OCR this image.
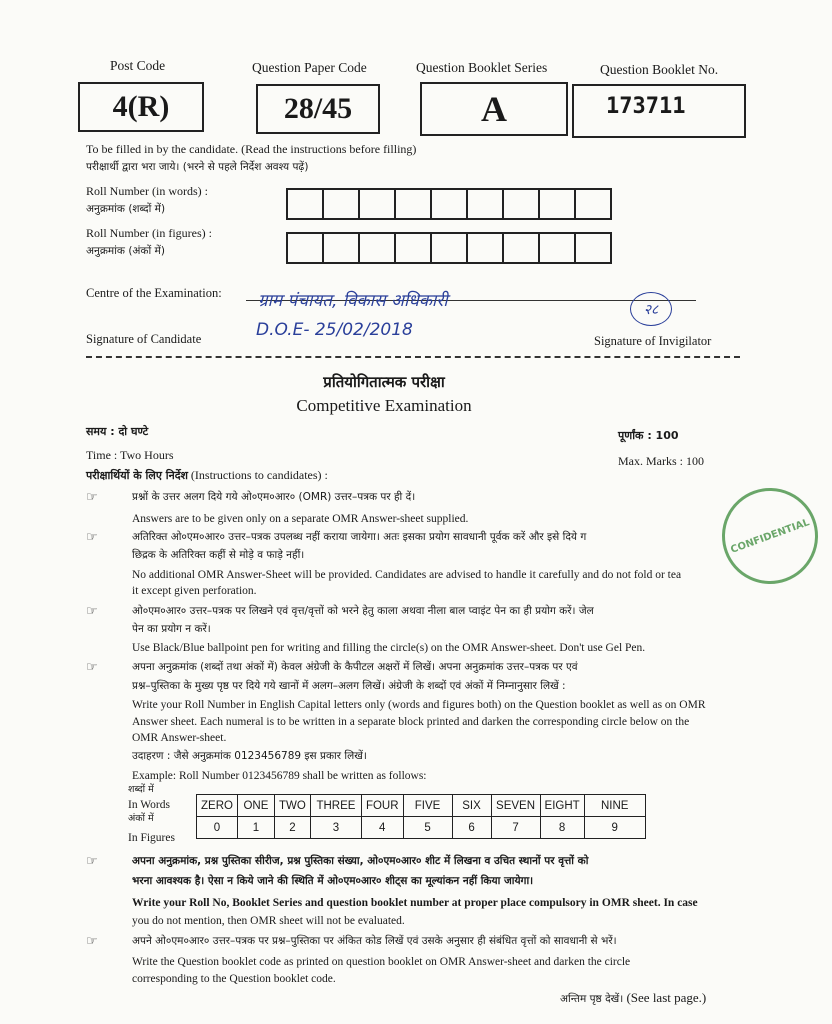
Post Code	Question Paper Code	Question Booklet Series	Question Booklet No.
4(R)	28/45	A	173711
To be filled in by the candidate. (Read the instructions before filling)
परीक्षार्थी द्वारा भरा जाये। (भरने से पहले निर्देश अवश्य पढ़ें)
Roll Number (in words) :
अनुक्रमांक (शब्दों में)
Roll Number (in figures) :
अनुक्रमांक (अंकों में)
Centre of the Examination: ग्राम पंचायत, विकास अधिकारी	२८
D.O.E- 25/02/2018
Signature of Candidate	Signature of Invigilator
प्रतियोगितात्मक परीक्षा
Competitive Examination
समय : दो घण्टे	पूर्णांक : 100
Time : Two Hours	Max. Marks : 100
परीक्षार्थियों के लिए निर्देश (Instructions to candidates) :
☞	प्रश्नों के उत्तर अलग दिये गये ओ०एम०आर० (OMR) उत्तर–पत्रक पर ही दें।
Answers are to be given only on a separate OMR Answer-sheet supplied.
☞	अतिरिक्त ओ०एम०आर० उत्तर–पत्रक उपलब्ध नहीं कराया जायेगा। अतः इसका प्रयोग सावधानी पूर्वक करें और इसे दिये ग
छिद्रक के अतिरिक्त कहीं से मोड़े व फाड़े नहीं।
No additional OMR Answer-Sheet will be provided. Candidates are advised to handle it carefully and do not fold or tea
it except given perforation.
☞	ओ०एम०आर० उत्तर–पत्रक पर लिखने एवं वृत्त/वृत्तों को भरने हेतु काला अथवा नीला बाल प्वाइंट पेन का ही प्रयोग करें। जेल
पेन का प्रयोग न करें।
Use Black/Blue ballpoint pen for writing and filling the circle(s) on the OMR Answer-sheet. Don't use Gel Pen.
☞	अपना अनुक्रमांक (शब्दों तथा अंकों में) केवल अंग्रेजी के कैपीटल अक्षरों में लिखें। अपना अनुक्रमांक उत्तर–पत्रक पर एवं
प्रश्न–पुस्तिका के मुख्य पृष्ठ पर दिये गये खानों में अलग–अलग लिखें। अंग्रेजी के शब्दों एवं अंकों में निम्नानुसार लिखें :
Write your Roll Number in English Capital letters only (words and figures both) on the Question booklet as well as on OMR
Answer sheet. Each numeral is to be written in a separate block printed and darken the corresponding circle below on the
OMR Answer-sheet.
उदाहरण : जैसे अनुक्रमांक 0123456789 इस प्रकार लिखें।
Example: Roll Number 0123456789 shall be written as follows:
शब्दों में
In Words
अंकों में
In Figures
ZERO	ONE	TWO	THREE	FOUR	FIVE	SIX	SEVEN	EIGHT	NINE
0	1	2	3	4	5	6	7	8	9
☞	अपना अनुक्रमांक, प्रश्न पुस्तिका सीरीज, प्रश्न पुस्तिका संख्या, ओ०एम०आर० शीट में लिखना व उचित स्थानों पर वृत्तों को
भरना आवश्यक है। ऐसा न किये जाने की स्थिति में ओ०एम०आर० शीट्स का मूल्यांकन नहीं किया जायेगा।
Write your Roll No, Booklet Series and question booklet number at proper place compulsory in OMR sheet. In case
you do not mention, then OMR sheet will not be evaluated.
☞	अपने ओ०एम०आर० उत्तर–पत्रक पर प्रश्न–पुस्तिका पर अंकित कोड लिखें एवं उसके अनुसार ही संबंधित वृत्तों को सावधानी से भरें।
Write the Question booklet code as printed on question booklet on OMR Answer-sheet and darken the circle
corresponding to the Question booklet code.
अन्तिम पृष्ठ देखें। (See last page.)
CONFIDENTIAL
